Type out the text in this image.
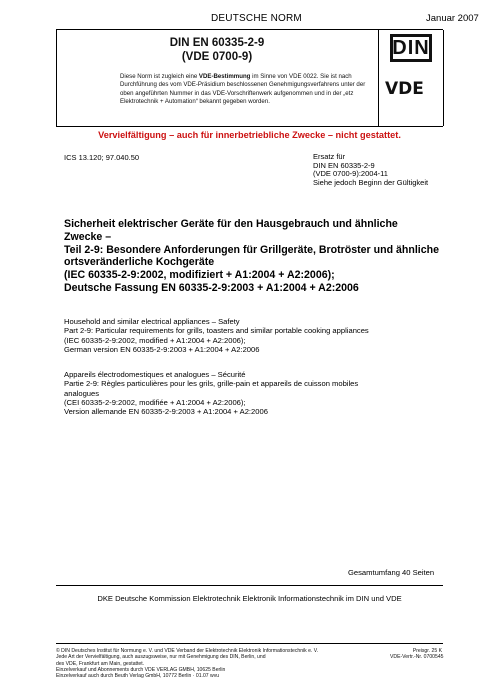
DEUTSCHE NORM	Januar 2007
DIN EN 60335-2-9
(VDE 0700-9)	DIN
VDE
Diese Norm ist zugleich eine VDE-Bestimmung im Sinne von VDE 0022. Sie ist nach Durchführung des vom VDE-Präsidium beschlossenen Genehmigungsverfahrens unter der oben angeführten Nummer in das VDE-Vorschriftenwerk aufgenommen und in der „etz Elektrotechnik + Automation“ bekannt gegeben worden.
Vervielfältigung – auch für innerbetriebliche Zwecke – nicht gestattet.
ICS 13.120; 97.040.50	Ersatz für
DIN EN 60335-2-9
(VDE 0700-9):2004-11
Siehe jedoch Beginn der Gültigkeit
Sicherheit elektrischer Geräte für den Hausgebrauch und ähnliche
Zwecke –
Teil 2-9: Besondere Anforderungen für Grillgeräte, Brotröster und ähnliche
ortsveränderliche Kochgeräte
(IEC 60335-2-9:2002, modifiziert + A1:2004 + A2:2006);
Deutsche Fassung EN 60335-2-9:2003 + A1:2004 + A2:2006
Household and similar electrical appliances – Safety
Part 2-9: Particular requirements for grills, toasters and similar portable cooking appliances
(IEC 60335-2-9:2002, modified + A1:2004 + A2:2006);
German version EN 60335-2-9:2003 + A1:2004 + A2:2006
Appareils électrodomestiques et analogues – Sécurité
Partie 2-9: Règles particulières pour les grils, grille-pain et appareils de cuisson mobiles
analogues
(CEI 60335-2-9:2002, modifiée + A1:2004 + A2:2006);
Version allemande EN 60335-2-9:2003 + A1:2004 + A2:2006
Gesamtumfang 40 Seiten
DKE Deutsche Kommission Elektrotechnik Elektronik Informationstechnik im DIN und VDE
© DIN Deutsches Institut für Normung e. V. und VDE Verband der Elektrotechnik Elektronik Informationstechnik e. V.
Jede Art der Vervielfältigung, auch auszugsweise, nur mit Genehmigung des DIN, Berlin, und
des VDE, Frankfurt am Main, gestattet.
Einzelverkauf und Abonnements durch VDE VERLAG GMBH, 10625 Berlin
Einzelverkauf auch durch Beuth Verlag GmbH, 10772 Berlin · 01.07 wvu
Preisgr. 25 K
VDE-Vertr.-Nr. 0700545
